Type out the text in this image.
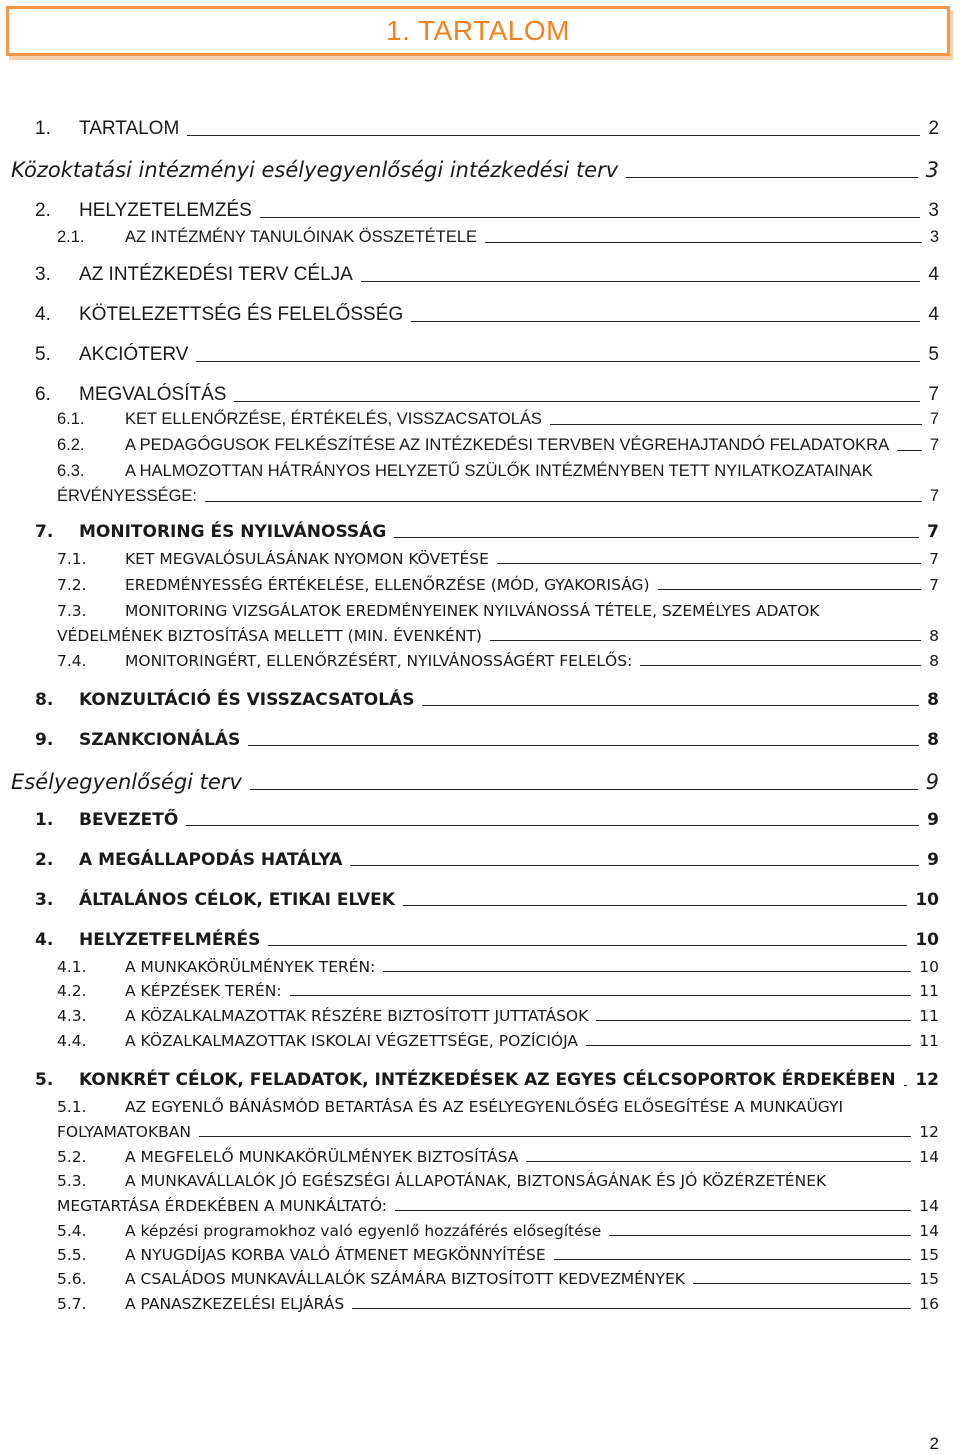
1. TARTALOM
1.	TARTALOM	2
Közoktatási intézményi esélyegyenlőségi intézkedési terv	3
2.	HELYZETELEMZÉS	3
2.1.	AZ INTÉZMÉNY TANULÓINAK ÖSSZETÉTELE	3
3.	AZ INTÉZKEDÉSI TERV CÉLJA	4
4.	KÖTELEZETTSÉG ÉS FELELŐSSÉG	4
5.	AKCIÓTERV	5
6.	MEGVALÓSÍTÁS	7
6.1.	KET ELLENŐRZÉSE, ÉRTÉKELÉS, VISSZACSATOLÁS	7
6.2.	A PEDAGÓGUSOK FELKÉSZÍTÉSE AZ INTÉZKEDÉSI TERVBEN VÉGREHAJTANDÓ FELADATOKRA 7
6.3.	A HALMOZOTTAN HÁTRÁNYOS HELYZETŰ SZÜLŐK INTÉZMÉNYBEN TETT NYILATKOZATAINAK
ÉRVÉNYESSÉGE:	7
7.	MONITORING ÉS NYILVÁNOSSÁG	7
7.1.	KET MEGVALÓSULÁSÁNAK NYOMON KÖVETÉSE	7
7.2.	EREDMÉNYESSÉG ÉRTÉKELÉSE, ELLENŐRZÉSE (MÓD, GYAKORISÁG)	7
7.3.	MONITORING VIZSGÁLATOK EREDMÉNYEINEK NYILVÁNOSSÁ TÉTELE, SZEMÉLYES ADATOK
VÉDELMÉNEK BIZTOSÍTÁSA MELLETT (MIN. ÉVENKÉNT)	8
7.4.	MONITORINGÉRT, ELLENŐRZÉSÉRT, NYILVÁNOSSÁGÉRT FELELŐS:	8
8.	KONZULTÁCIÓ ÉS VISSZACSATOLÁS	8
9.	SZANKCIONÁLÁS	8
Esélyegyenlőségi terv	9
1.	BEVEZETŐ	9
2.	A MEGÁLLAPODÁS HATÁLYA	9
3.	ÁLTALÁNOS CÉLOK, ETIKAI ELVEK	10
4.	HELYZETFELMÉRÉS	10
4.1.	A MUNKAKÖRÜLMÉNYEK TERÉN:	10
4.2.	A KÉPZÉSEK TERÉN:	11
4.3.	A KÖZALKALMAZOTTAK RÉSZÉRE BIZTOSÍTOTT JUTTATÁSOK	11
4.4.	A KÖZALKALMAZOTTAK ISKOLAI VÉGZETTSÉGE, POZÍCIÓJA	11
5.	KONKRÉT CÉLOK, FELADATOK, INTÉZKEDÉSEK AZ EGYES CÉLCSOPORTOK ÉRDEKÉBEN 12
5.1.	AZ EGYENLŐ BÁNÁSMÓD BETARTÁSA ÉS AZ ESÉLYEGYENLŐSÉG ELŐSEGÍTÉSE A MUNKAÜGYI
FOLYAMATOKBAN	12
5.2.	A MEGFELELŐ MUNKAKÖRÜLMÉNYEK BIZTOSÍTÁSA	14
5.3.	A MUNKAVÁLLALÓK JÓ EGÉSZSÉGI ÁLLAPOTÁNAK, BIZTONSÁGÁNAK ÉS JÓ KÖZÉRZETÉNEK
MEGTARTÁSA ÉRDEKÉBEN A MUNKÁLTATÓ:	14
5.4.	A képzési programokhoz való egyenlő hozzáférés elősegítése	14
5.5.	A NYUGDÍJAS KORBA VALÓ ÁTMENET MEGKÖNNYÍTÉSE	15
5.6.	A CSALÁDOS MUNKAVÁLLALÓK SZÁMÁRA BIZTOSÍTOTT KEDVEZMÉNYEK	15
5.7.	A PANASZKEZELÉSI ELJÁRÁS	16
2
